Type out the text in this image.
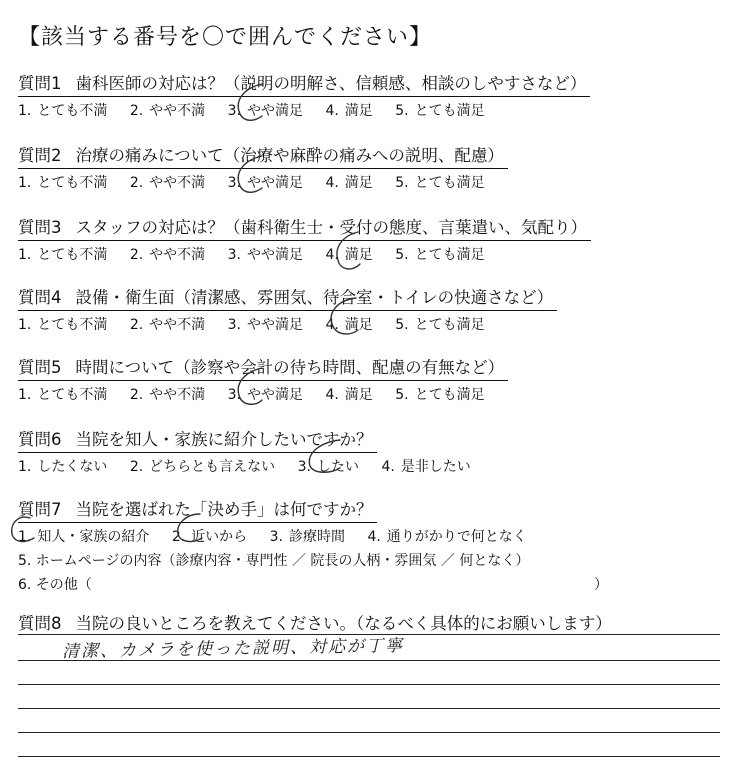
【該当する番号を〇で囲んでください】
質問1 歯科医師の対応は？（説明の明解さ、信頼感、相談のしやすさなど）
1. とても不満 2. やや不満 3. やや満足 4. 満足 5. とても満足
質問2 治療の痛みについて（治療や麻酔の痛みへの説明、配慮）
1. とても不満 2. やや不満 3. やや満足 4. 満足 5. とても満足
質問3 スタッフの対応は？（歯科衛生士・受付の態度、言葉遣い、気配り）
1. とても不満 2. やや不満 3. やや満足 4. 満足 5. とても満足
質問4 設備・衛生面（清潔感、雰囲気、待合室・トイレの快適さなど）
1. とても不満 2. やや不満 3. やや満足 4. 満足 5. とても満足
質問5 時間について（診察や会計の待ち時間、配慮の有無など）
1. とても不満 2. やや不満 3. やや満足 4. 満足 5. とても満足
質問6 当院を知人・家族に紹介したいですか？
1. したくない 2. どちらとも言えない 3. したい 4. 是非したい
質問7 当院を選ばれた「決め手」は何ですか？
1. 知人・家族の紹介 2. 近いから 3. 診療時間 4. 通りがかりで何となく
5. ホームページの内容（診療内容・専門性 ／ 院長の人柄・雰囲気 ／ 何となく）
6. その他（	）
質問8 当院の良いところを教えてください。（なるべく具体的にお願いします）
清潔、カメラを使った説明、対応が丁寧
